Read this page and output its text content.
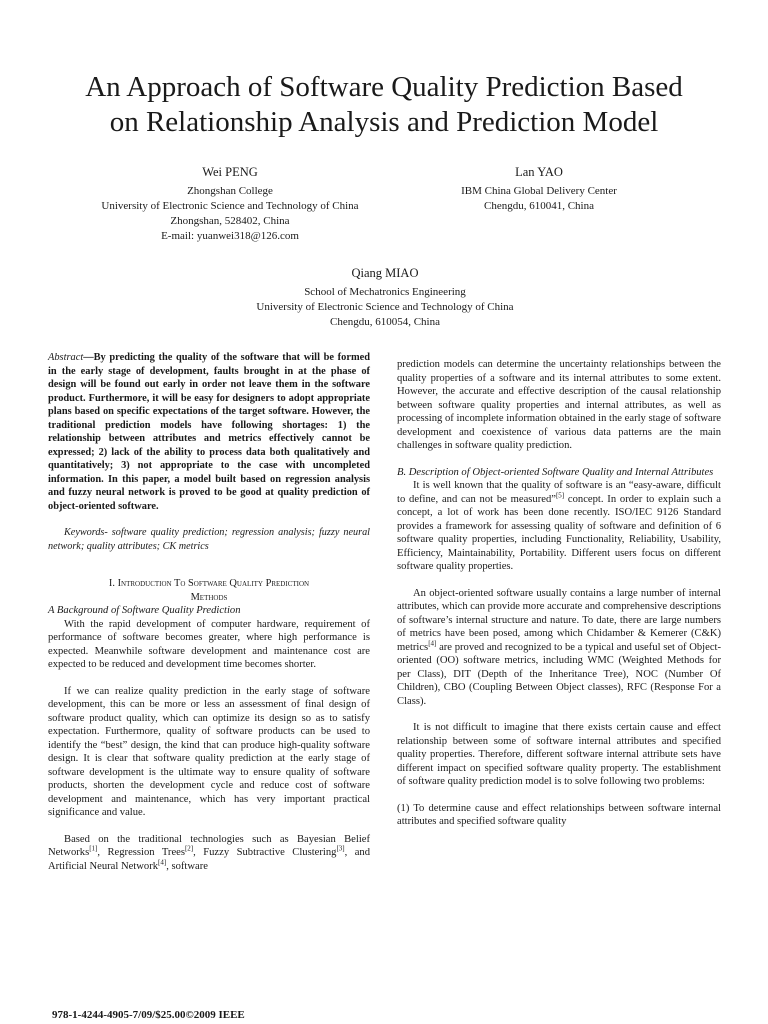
An Approach of Software Quality Prediction Based
on Relationship Analysis and Prediction Model
Wei PENG
Zhongshan College
University of Electronic Science and Technology of China
Zhongshan, 528402, China
E-mail: yuanwei318@126.com
Lan YAO
IBM China Global Delivery Center
Chengdu, 610041, China
Qiang MIAO
School of Mechatronics Engineering
University of Electronic Science and Technology of China
Chengdu, 610054, China

Abstract—By predicting the quality of the software that will be formed in the early stage of development, faults brought in at the phase of design will be found out early in order not leave them in the software product. Furthermore, it will be easy for designers to adopt appropriate plans based on specific expectations of the target software. However, the traditional prediction models have following shortages: 1) the relationship between attributes and metrics effectively cannot be expressed; 2) lack of the ability to process data both qualitatively and quantitatively; 3) not appropriate to the case with uncompleted information. In this paper, a model built based on regression analysis and fuzzy neural network is proved to be good at quality prediction of object-oriented software.

Keywords- software quality prediction; regression analysis; fuzzy neural network; quality attributes; CK metrics

I. Introduction To Software Quality Prediction
Methods

A Background of Software Quality Prediction

With the rapid development of computer hardware, requirement of performance of software becomes greater, where high performance is expected. Meanwhile software development and maintenance cost are expected to be reduced and development time becomes shorter.

If we can realize quality prediction in the early stage of software development, this can be more or less an assessment of final design of software product quality, which can optimize its design so as to satisfy expectation. Furthermore, quality of software products can be used to identify the “best” design, the kind that can produce high-quality software design. It is clear that software quality prediction at the early stage of software development is the ultimate way to ensure quality of software products, shorten the development cycle and reduce cost of software development and maintenance, which has very important practical significance and value.

Based on the traditional technologies such as Bayesian Belief Networks[1], Regression Trees[2], Fuzzy Subtractive Clustering[3], and Artificial Neural Network[4], software

prediction models can determine the uncertainty relationships between the quality properties of a software and its internal attributes to some extent. However, the accurate and effective description of the causal relationship between software quality properties and internal attributes, as well as processing of incomplete information obtained in the early stage of software development and coexistence of various data patterns are the main challenges in software quality prediction.

B. Description of Object-oriented Software Quality and Internal Attributes

It is well known that the quality of software is an “easy-aware, difficult to define, and can not be measured”[5] concept. In order to explain such a concept, a lot of work has been done recently. ISO/IEC 9126 Standard provides a framework for assessing quality of software and definition of 6 software quality properties, including Functionality, Reliability, Usability, Efficiency, Maintainability, Portability. Different users focus on different software quality properties.

An object-oriented software usually contains a large number of internal attributes, which can provide more accurate and comprehensive descriptions of software’s internal structure and nature. To date, there are large numbers of metrics have been posed, among which Chidamber & Kemerer (C&K) metrics[4] are proved and recognized to be a typical and useful set of Object-oriented (OO) software metrics, including WMC (Weighted Methods for per Class), DIT (Depth of the Inheritance Tree), NOC (Number Of Children), CBO (Coupling Between Object classes), RFC (Response For a Class).

It is not difficult to imagine that there exists certain cause and effect relationship between some of software internal attributes and specified quality properties. Therefore, different software internal attribute sets have different impact on specified software quality property. The establishment of software quality prediction model is to solve following two problems:

(1) To determine cause and effect relationships between software internal attributes and specified software quality

978-1-4244-4905-7/09/$25.00©2009 IEEE
